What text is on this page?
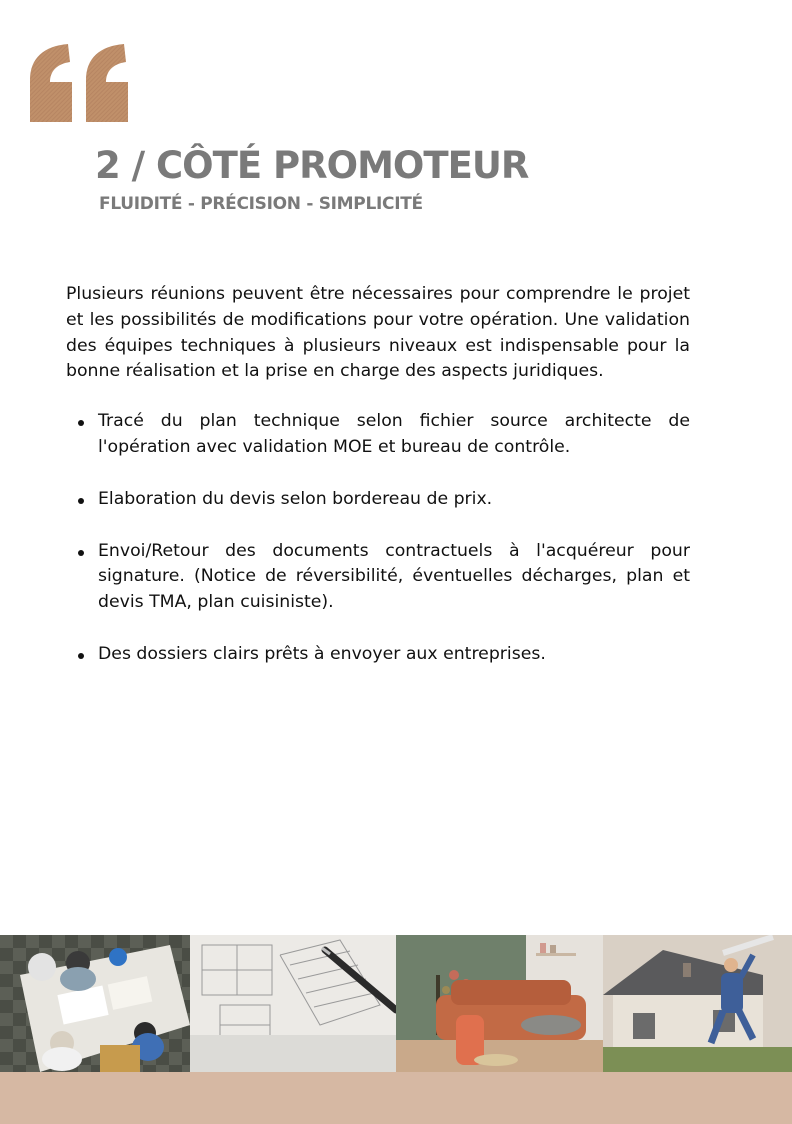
2 / CÔTÉ PROMOTEUR
FLUIDITÉ - PRÉCISION - SIMPLICITÉ

Plusieurs réunions peuvent être nécessaires pour comprendre le projet et les possibilités de modifications pour votre opération. Une validation des équipes techniques à plusieurs niveaux est indispensable pour la bonne réalisation et la prise en charge des aspects juridiques.

Tracé du plan technique selon fichier source architecte de l'opération avec validation MOE et bureau de contrôle.
Elaboration du devis selon bordereau de prix.
Envoi/Retour des documents contractuels à l'acquéreur pour signature. (Notice de réversibilité, éventuelles décharges, plan et devis TMA, plan cuisiniste).
Des dossiers clairs prêts à envoyer aux entreprises.
